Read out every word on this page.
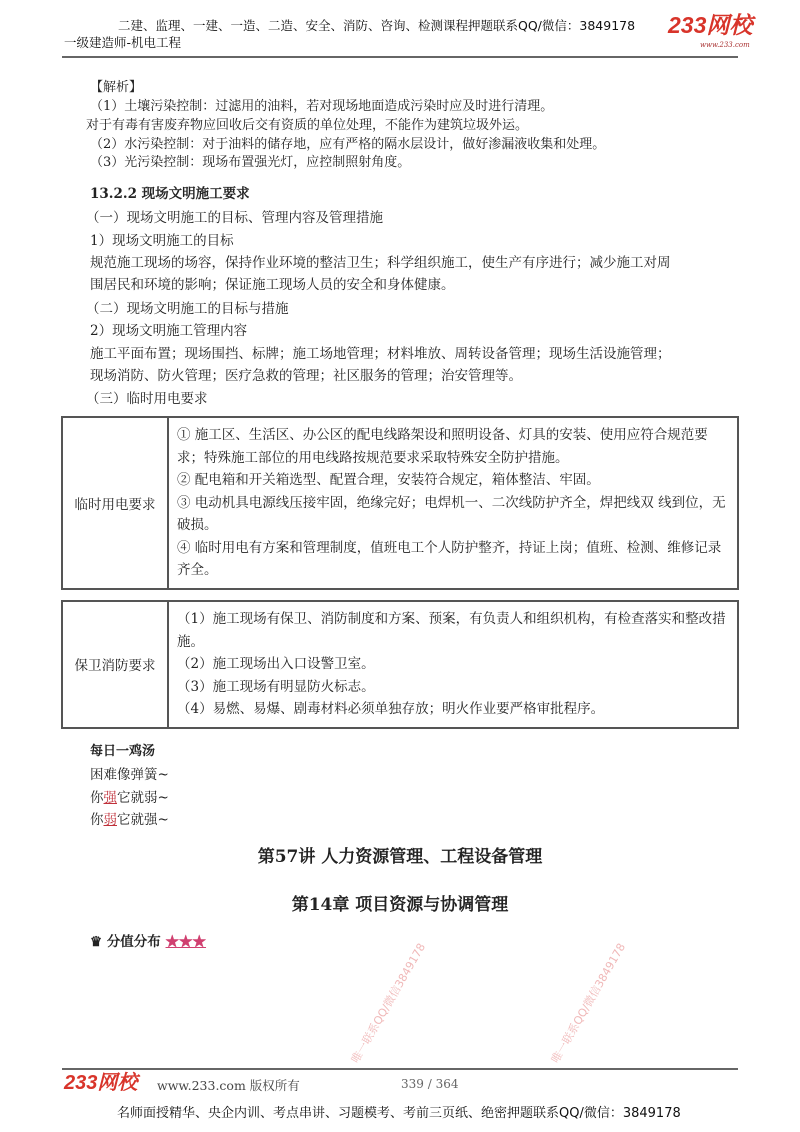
二建、监理、一建、一造、二造、安全、消防、咨询、检测课程押题联系QQ/微信：3849178
一级建造师-机电工程
233网校
www.233.com
【解析】
（1）土壤污染控制：过滤用的油料，若对现场地面造成污染时应及时进行清理。
对于有毒有害废弃物应回收后交有资质的单位处理，不能作为建筑垃圾外运。
（2）水污染控制：对于油料的储存地，应有严格的隔水层设计，做好渗漏液收集和处理。
（3）光污染控制：现场布置强光灯，应控制照射角度。
13.2.2 现场文明施工要求
（一）现场文明施工的目标、管理内容及管理措施
1）现场文明施工的目标
规范施工现场的场容，保持作业环境的整洁卫生；科学组织施工，使生产有序进行；减少施工对周
围居民和环境的影响；保证施工现场人员的安全和身体健康。
（二）现场文明施工的目标与措施
2）现场文明施工管理内容
施工平面布置；现场围挡、标牌；施工场地管理；材料堆放、周转设备管理；现场生活设施管理；
现场消防、防火管理；医疗急救的管理；社区服务的管理；治安管理等。
（三）临时用电要求
临时用电要求	
① 施工区、生活区、办公区的配电线路架设和照明设备、灯具的安装、使用应符合规范要求；特殊施工部位的用电线路按规范要求采取特殊安全防护措施。
② 配电箱和开关箱选型、配置合理，安装符合规定，箱体整洁、牢固。
③ 电动机具电源线压接牢固，绝缘完好；电焊机一、二次线防护齐全，焊把线双 线到位，无破损。
④ 临时用电有方案和管理制度，值班电工个人防护整齐，持证上岗；值班、检测、维修记录齐全。
保卫消防要求	
（1）施工现场有保卫、消防制度和方案、预案，有负责人和组织机构，有检查落实和整改措施。
（2）施工现场出入口设警卫室。
（3）施工现场有明显防火标志。
（4）易燃、易爆、剧毒材料必须单独存放；明火作业要严格审批程序。
唯一联系QQ/微信3849178	唯一联系QQ/微信3849178
每日一鸡汤
困难像弹簧~
你强它就弱~
你弱它就强~
第57讲 人力资源管理、工程设备管理
第14章 项目资源与协调管理
♛ 分值分布 ★★★
233网校 www.233.com 版权所有	339 / 364
名师面授精华、央企内训、考点串讲、习题模考、考前三页纸、绝密押题联系QQ/微信：3849178
